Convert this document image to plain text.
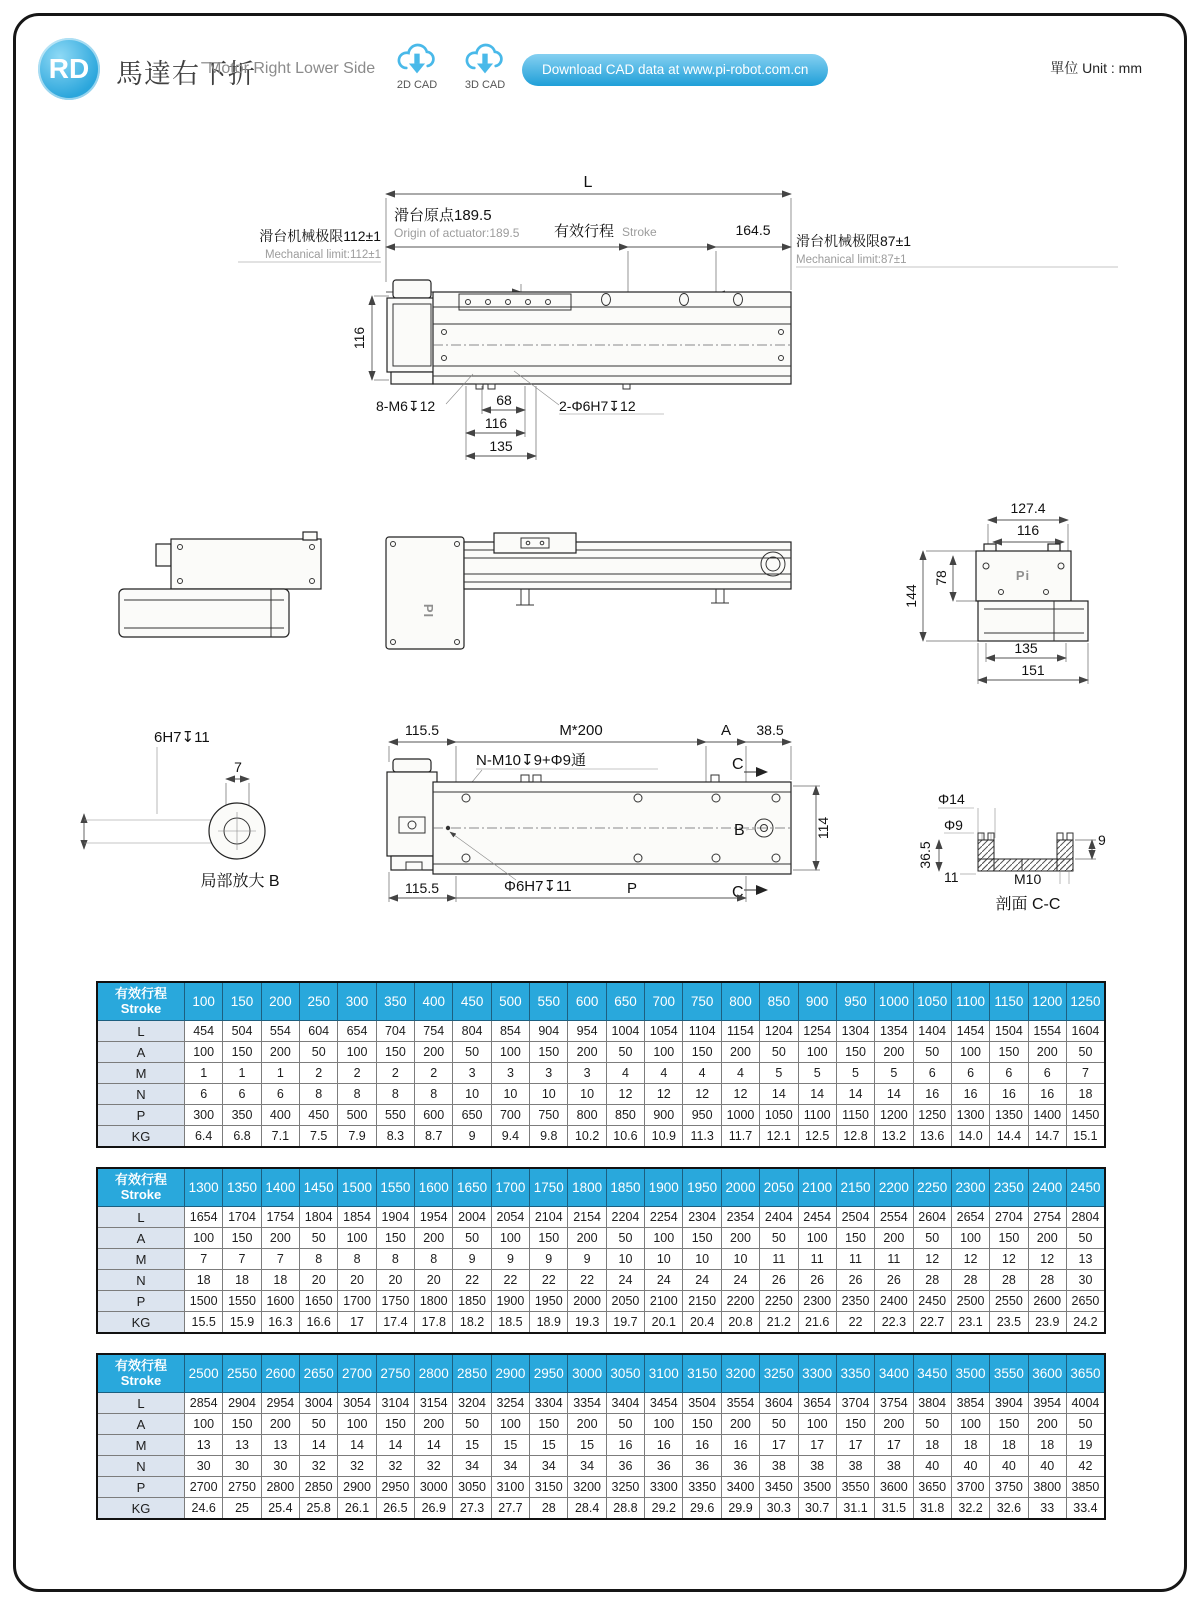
RD 馬達右下折
Motor Right Lower Side
2D CAD	3D CAD
Download CAD data at www.pi-robot.com.cn	單位 Unit : mm
L
滑台原点189.5
Origin of actuator:189.5 有效行程 Stroke	164.5
滑台机械极限112±1
Mechanical limit:112±1
滑台机械极限87±1
Mechanical limit:87±1
116
68
116
135
8-M6↧12	2-Φ6H7↧12
PI
127.4
116
144
78	Pi
135
151
6H7↧11
7
局部放大 B
115.5	M*200	A 38.5
C
C
N-M10↧9+Φ9通
B	114
Φ6H7↧11
115.5	P
Φ14
Φ9
36.5
11
9
M10
剖面 C-C
有效行程
Stroke	100	150	200	250	300	350	400	450	500	550	600	650	700	750	800	850	900	950	1000	1050	1100	1150	1200	1250
L	454	504	554	604	654	704	754	804	854	904	954	1004	1054	1104	1154	1204	1254	1304	1354	1404	1454	1504	1554	1604
A	100	150	200	50	100	150	200	50	100	150	200	50	100	150	200	50	100	150	200	50	100	150	200	50
M	1	1	1	2	2	2	2	3	3	3	3	4	4	4	4	5	5	5	5	6	6	6	6	7
N	6	6	6	8	8	8	8	10	10	10	10	12	12	12	12	14	14	14	14	16	16	16	16	18
P	300	350	400	450	500	550	600	650	700	750	800	850	900	950	1000	1050	1100	1150	1200	1250	1300	1350	1400	1450
KG	6.4	6.8	7.1	7.5	7.9	8.3	8.7	9	9.4	9.8	10.2	10.6	10.9	11.3	11.7	12.1	12.5	12.8	13.2	13.6	14.0	14.4	14.7	15.1
有效行程
Stroke	1300	1350	1400	1450	1500	1550	1600	1650	1700	1750	1800	1850	1900	1950	2000	2050	2100	2150	2200	2250	2300	2350	2400	2450
L	1654	1704	1754	1804	1854	1904	1954	2004	2054	2104	2154	2204	2254	2304	2354	2404	2454	2504	2554	2604	2654	2704	2754	2804
A	100	150	200	50	100	150	200	50	100	150	200	50	100	150	200	50	100	150	200	50	100	150	200	50
M	7	7	7	8	8	8	8	9	9	9	9	10	10	10	10	11	11	11	11	12	12	12	12	13
N	18	18	18	20	20	20	20	22	22	22	22	24	24	24	24	26	26	26	26	28	28	28	28	30
P	1500	1550	1600	1650	1700	1750	1800	1850	1900	1950	2000	2050	2100	2150	2200	2250	2300	2350	2400	2450	2500	2550	2600	2650
KG	15.5	15.9	16.3	16.6	17	17.4	17.8	18.2	18.5	18.9	19.3	19.7	20.1	20.4	20.8	21.2	21.6	22	22.3	22.7	23.1	23.5	23.9	24.2
有效行程
Stroke	2500	2550	2600	2650	2700	2750	2800	2850	2900	2950	3000	3050	3100	3150	3200	3250	3300	3350	3400	3450	3500	3550	3600	3650
L	2854	2904	2954	3004	3054	3104	3154	3204	3254	3304	3354	3404	3454	3504	3554	3604	3654	3704	3754	3804	3854	3904	3954	4004
A	100	150	200	50	100	150	200	50	100	150	200	50	100	150	200	50	100	150	200	50	100	150	200	50
M	13	13	13	14	14	14	14	15	15	15	15	16	16	16	16	17	17	17	17	18	18	18	18	19
N	30	30	30	32	32	32	32	34	34	34	34	36	36	36	36	38	38	38	38	40	40	40	40	42
P	2700	2750	2800	2850	2900	2950	3000	3050	3100	3150	3200	3250	3300	3350	3400	3450	3500	3550	3600	3650	3700	3750	3800	3850
KG	24.6	25	25.4	25.8	26.1	26.5	26.9	27.3	27.7	28	28.4	28.8	29.2	29.6	29.9	30.3	30.7	31.1	31.5	31.8	32.2	32.6	33	33.4
